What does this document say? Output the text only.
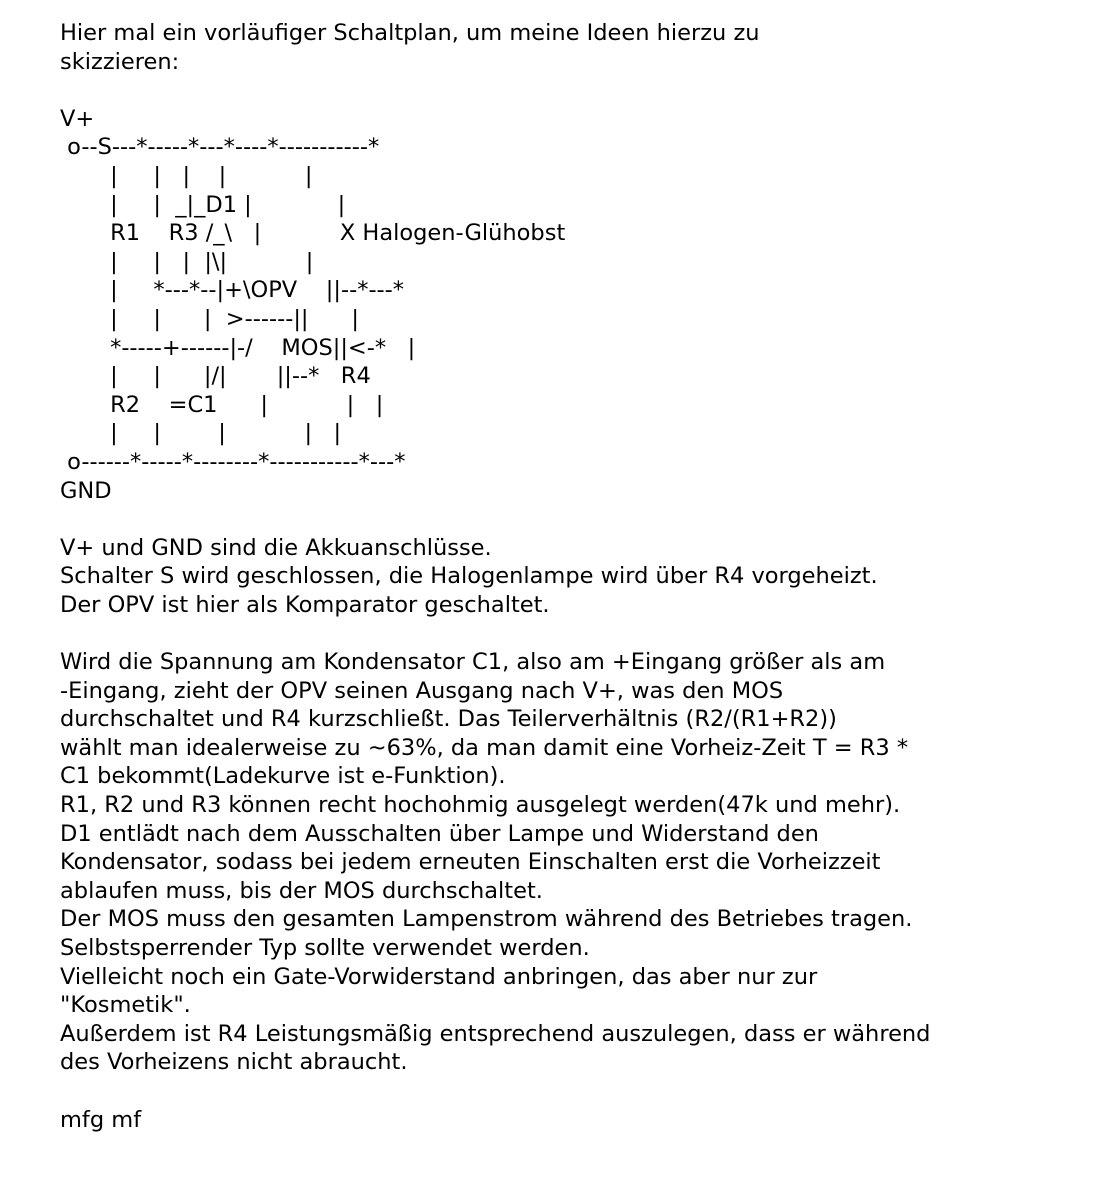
Hier mal ein vorläufiger Schaltplan, um meine Ideen hierzu zu
skizzieren:
V+
o--S---*-----*---*----*-----------*
|     |   |    |           |
|     |  _|_D1 |            |
R1    R3 /_\   |           X Halogen-Glühobst
|     |   |  |\|           |
|     *---*--|+\OPV    ||--*---*
|     |      |  >------||      |
*-----+------|-/    MOS||<-*   |
|     |      |/|       ||--*   R4
R2    =C1      |           |   |
|     |        |           |   |
o------*-----*--------*-----------*---*
GND
V+ und GND sind die Akkuanschlüsse.
Schalter S wird geschlossen, die Halogenlampe wird über R4 vorgeheizt.
Der OPV ist hier als Komparator geschaltet.
Wird die Spannung am Kondensator C1, also am +Eingang größer als am
-Eingang, zieht der OPV seinen Ausgang nach V+, was den MOS
durchschaltet und R4 kurzschließt. Das Teilerverhältnis (R2/(R1+R2))
wählt man idealerweise zu ~63%, da man damit eine Vorheiz-Zeit T = R3 *
C1 bekommt(Ladekurve ist e-Funktion).
R1, R2 und R3 können recht hochohmig ausgelegt werden(47k und mehr).
D1 entlädt nach dem Ausschalten über Lampe und Widerstand den
Kondensator, sodass bei jedem erneuten Einschalten erst die Vorheizzeit
ablaufen muss, bis der MOS durchschaltet.
Der MOS muss den gesamten Lampenstrom während des Betriebes tragen.
Selbstsperrender Typ sollte verwendet werden.
Vielleicht noch ein Gate-Vorwiderstand anbringen, das aber nur zur
"Kosmetik".
Außerdem ist R4 Leistungsmäßig entsprechend auszulegen, dass er während
des Vorheizens nicht abraucht.
mfg mf
